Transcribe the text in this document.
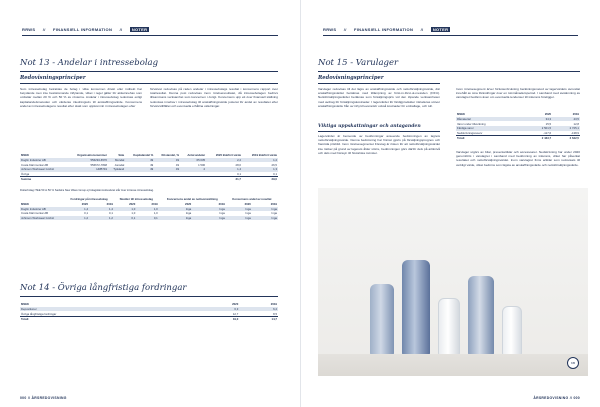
RRWS // FINANSIELL INFORMATION // NOTER	RRWS // FINANSIELL INFORMATION // NOTER
Not 13 - Andelar i intressebolag
Redovisningsprinciper
Som intressebolag betraktas de bolag i vilka koncernen direkt eller indirekt har betydande men inte bestämmande inflytande, vilket i regel gäller för aktieinnehav som omfattar mellan 20 % och 50 % av rösterna. Andelar i intressebolag redovisas enligt kapitalandelsmetoden och värderas inledningsvis till anskaffningsvärde. Koncernens andel av intressebolagens resultat efter skatt som uppkommit i intressebolagen efter
förvärvet redovisas på raden andelar i intressebolags resultat i koncernens rapport över totalresultat. Denna post redovisas inom rörelseresultatet, då intressebolagen bedrivs tillsammans verksamhet som koncernen i övrigt. Koncernens upp ett över finansiell ställning redovisas innehav i intressebolag till anskaffningsvärde justerat för andel av resultatet efter förvärvstillfället och eventuella erhållna utdelningar.
MSEK	Organisationsnummer	Säte	Kapitalandel %	Röstandel, %	Antal andelar	2020 Bokfört värde	2019 Bokfört värde
Doglin Industrier AB	556294-6570	Mondal	49	49	65 035	2,2	1,2
Costa Kärnmontar AB	556672-7848	Jonsdal	49	49	1 500	28,0	26,5
Johnson Workwear GmbH	HRB791	Tyskland	49	49	2	1,4	1,3
Övriga						0,1	0,1
Summa						31,7	29,0
Dotterbolag ITEE 50 st 50 % Sadstra New Wave Group ej bolagstämmobeslutet står över intresse intressebolag.
	Fordringar på intressebolag		Skulder till intressebolag		Koncernens andel av nettoomsättning		Koncernens andel av resultat	
MSEK	2020	2019	2020	2019	2020	2019	2020	2019
Doglin Industrier AB	1,4	1,4	1,0	1,0	Inga	Inga	Inga	Inga
Costa Kärnmontar AB	0,1	0,1	1,0	1,0	Inga	Inga	Inga	Inga
Johnson Workwear GmbH	1,2	1,2	0,1	0,1	Inga	Inga	Inga	Inga
Not 14 - Övriga långfristiga fordringar
MSEK	2020	2019
Depositioner	6,3	6,2
Övriga långfristiga fordringar	12,7	8,5
Totalt	19,0	14,7
Not 15 - Varulager
Redovisningsprinciper
Varulager redovisas till det lägre av anskaffningsvärde och nettoförsäljningsvärde, där anskaffningsvärdet beräknas med tillämpning av först-in-först-ut-metoden (FIFU). Nettoförsäljningsvärdet beräknas som försäljningspris vid den löpande verksamheten med avdrag för försäljningskostnader. I lagervärdet för färdigprodukter inkluderas utöver anskaffningsvärde från av inhyrd leverantör också kostnader för emballage, och tull.
Viktiga uppskattningar och antaganden
Lagervärdet är beroende av bedömningar avseende bedömningen av lagrets nettoförsäljningsvärde. Denna bedömning har främst gjorts på försäljningsprognos och framtida prisbild. Inom rörelsesegmentet Företag är risken för att nettoförsäljningsvärdet inte räcker på grund av lagerets ålder större, bedömningen görs därför dels på artiknivå och dels med hänsyn till historiska mönster.
Inom rörelsesegment ärver förlustenbrukning beräkningsmetod av lagervärdets avrundat innehåll av sina förändringar över en tolvmånadersperiod. I samband med avstämning av varulagret bedöms även om eventuella tendenser till inkurans föreligger.
MSEK	2020	2019
Råmaterial	34,3	43,5
Varor under tillverkning	15,5	12,8
Färdiga varor	2 501,5	2 725,1
Nedskrivningsreserv	-117,6	-138,9
Totalt	2 433,7	2 642,5
Varulager utgörs av bilar, presentartiklar och accessoarer. Nedskrivning har under 2020 genomförts i varulagret i samband med bedömning av inkurans, vilket har påverkat resultatet och nettoförsäljningsvärdet. Inom varulagret finns artiklar som redovisats till verkligt värde, vilket bedöms som lägsta av anskaffningsvärde och nettoförsäljningsvärde.
KB
000 // ÅRSREDOVISNING	ÅRSREDOVISNING // 000
